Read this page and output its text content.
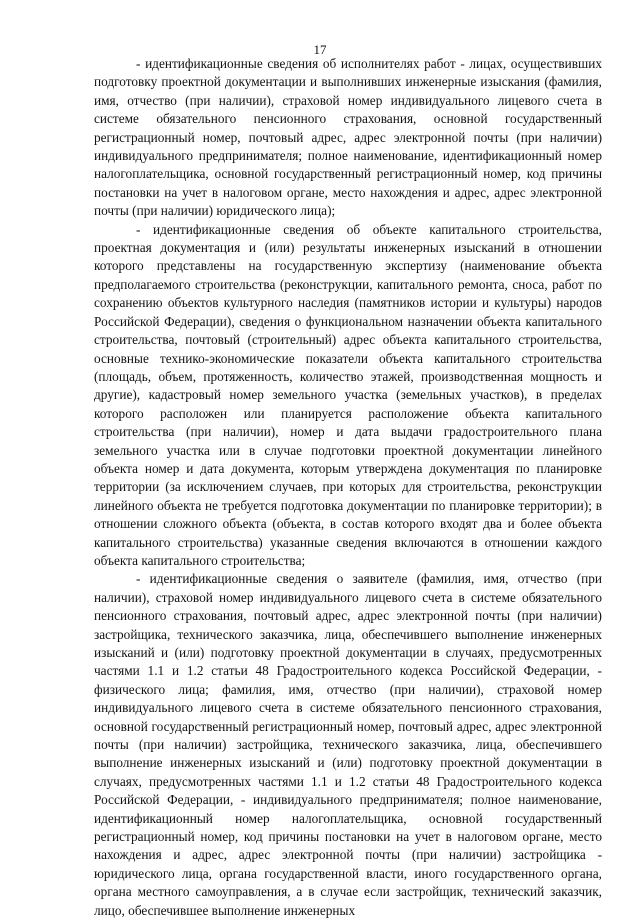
17

- идентификационные сведения об исполнителях работ - лицах, осуществивших подготовку проектной документации и выполнивших инженерные изыскания (фамилия, имя, отчество (при наличии), страховой номер индивидуального лицевого счета в системе обязательного пенсионного страхования, основной государственный регистрационный номер, почтовый адрес, адрес электронной почты (при наличии) индивидуального предпринимателя; полное наименование, идентификационный номер налогоплательщика, основной государственный регистрационный номер, код причины постановки на учет в налоговом органе, место нахождения и адрес, адрес электронной почты (при наличии) юридического лица);

- идентификационные сведения об объекте капитального строительства, проектная документация и (или) результаты инженерных изысканий в отношении которого представлены на государственную экспертизу (наименование объекта предполагаемого строительства (реконструкции, капитального ремонта, сноса, работ по сохранению объектов культурного наследия (памятников истории и культуры) народов Российской Федерации), сведения о функциональном назначении объекта капитального строительства, почтовый (строительный) адрес объекта капитального строительства, основные технико-экономические показатели объекта капитального строительства (площадь, объем, протяженность, количество этажей, производственная мощность и другие), кадастровый номер земельного участка (земельных участков), в пределах которого расположен или планируется расположение объекта капитального строительства (при наличии), номер и дата выдачи градостроительного плана земельного участка или в случае подготовки проектной документации линейного объекта номер и дата документа, которым утверждена документация по планировке территории (за исключением случаев, при которых для строительства, реконструкции линейного объекта не требуется подготовка документации по планировке территории); в отношении сложного объекта (объекта, в состав которого входят два и более объекта капитального строительства) указанные сведения включаются в отношении каждого объекта капитального строительства;

- идентификационные сведения о заявителе (фамилия, имя, отчество (при наличии), страховой номер индивидуального лицевого счета в системе обязательного пенсионного страхования, почтовый адрес, адрес электронной почты (при наличии) застройщика, технического заказчика, лица, обеспечившего выполнение инженерных изысканий и (или) подготовку проектной документации в случаях, предусмотренных частями 1.1 и 1.2 статьи 48 Градостроительного кодекса Российской Федерации, - физического лица; фамилия, имя, отчество (при наличии), страховой номер индивидуального лицевого счета в системе обязательного пенсионного страхования, основной государственный регистрационный номер, почтовый адрес, адрес электронной почты (при наличии) застройщика, технического заказчика, лица, обеспечившего выполнение инженерных изысканий и (или) подготовку проектной документации в случаях, предусмотренных частями 1.1 и 1.2 статьи 48 Градостроительного кодекса Российской Федерации, - индивидуального предпринимателя; полное наименование, идентификационный номер налогоплательщика, основной государственный регистрационный номер, код причины постановки на учет в налоговом органе, место нахождения и адрес, адрес электронной почты (при наличии) застройщика - юридического лица, органа государственной власти, иного государственного органа, органа местного самоуправления, а в случае если застройщик, технический заказчик, лицо, обеспечившее выполнение инженерных
